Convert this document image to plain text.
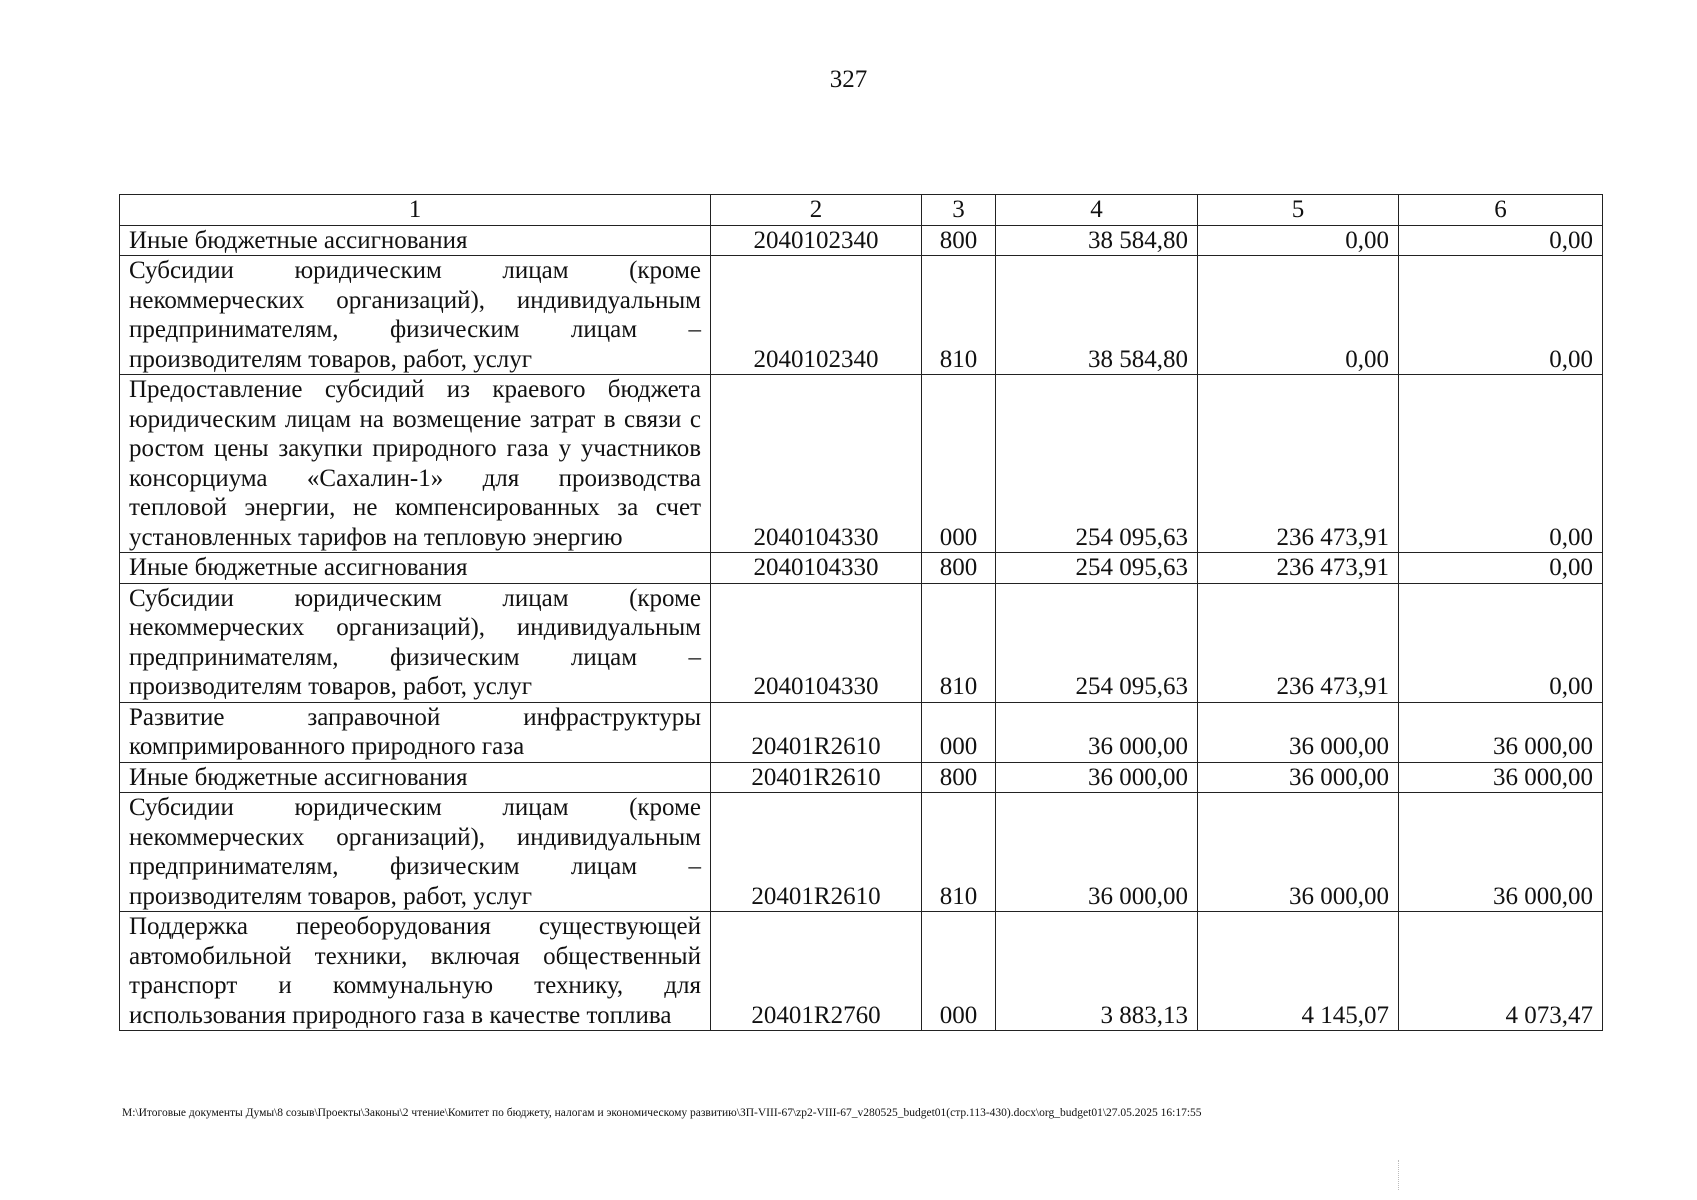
327
1	2	3	4	5	6
Иные бюджетные ассигнования	2040102340	800	38 584,80	0,00	0,00
Субсидии юридическим лицам (кроме некоммерческих организаций), индивидуальным предпринимателям, физическим лицам – производителям товаров, работ, услуг	2040102340	810	38 584,80	0,00	0,00
Предоставление субсидий из краевого бюджета юридическим лицам на возмещение затрат в связи с ростом цены закупки природного газа у участников консорциума «Сахалин-1» для производства тепловой энергии, не компенсированных за счет установленных тарифов на тепловую энергию	2040104330	000	254 095,63	236 473,91	0,00
Иные бюджетные ассигнования	2040104330	800	254 095,63	236 473,91	0,00
Субсидии юридическим лицам (кроме некоммерческих организаций), индивидуальным предпринимателям, физическим лицам – производителям товаров, работ, услуг	2040104330	810	254 095,63	236 473,91	0,00
Развитие заправочной инфраструктуры компримированного природного газа	20401R2610	000	36 000,00	36 000,00	36 000,00
Иные бюджетные ассигнования	20401R2610	800	36 000,00	36 000,00	36 000,00
Субсидии юридическим лицам (кроме некоммерческих организаций), индивидуальным предпринимателям, физическим лицам – производителям товаров, работ, услуг	20401R2610	810	36 000,00	36 000,00	36 000,00
Поддержка переоборудования существующей автомобильной техники, включая общественный транспорт и коммунальную технику, для использования природного газа в качестве топлива	20401R2760	000	3 883,13	4 145,07	4 073,47
M:\Итоговые документы Думы\8 созыв\Проекты\Законы\2 чтение\Комитет по бюджету, налогам и экономическому развитию\ЗП-VIII-67\zp2-VIII-67_v280525_budget01(стр.113-430).docx\org_budget01\27.05.2025 16:17:55
